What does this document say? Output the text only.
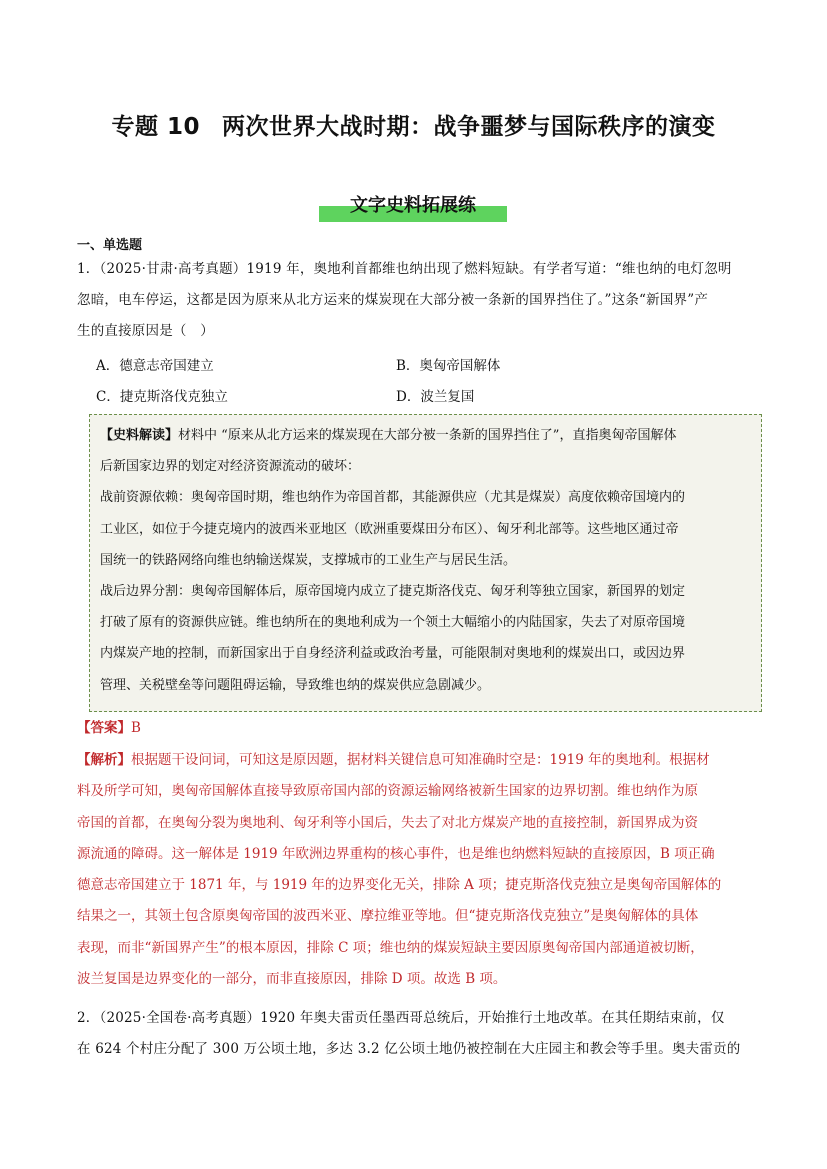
专题 10 两次世界大战时期：战争噩梦与国际秩序的演变
文字史料拓展练
一、单选题
1．（2025·甘肃·高考真题）1919 年，奥地利首都维也纳出现了燃料短缺。有学者写道：“维也纳的电灯忽明
忽暗，电车停运，这都是因为原来从北方运来的煤炭现在大部分被一条新的国界挡住了。”这条“新国界”产
生的直接原因是（　）
A．德意志帝国建立	B．奥匈帝国解体
C．捷克斯洛伐克独立	D．波兰复国
【史料解读】材料中 “原来从北方运来的煤炭现在大部分被一条新的国界挡住了”，直指奥匈帝国解体
后新国家边界的划定对经济资源流动的破坏：
战前资源依赖：奥匈帝国时期，维也纳作为帝国首都，其能源供应（尤其是煤炭）高度依赖帝国境内的
工业区，如位于今捷克境内的波西米亚地区（欧洲重要煤田分布区）、匈牙利北部等。这些地区通过帝
国统一的铁路网络向维也纳输送煤炭，支撑城市的工业生产与居民生活。
战后边界分割：奥匈帝国解体后，原帝国境内成立了捷克斯洛伐克、匈牙利等独立国家，新国界的划定
打破了原有的资源供应链。维也纳所在的奥地利成为一个领土大幅缩小的内陆国家，失去了对原帝国境
内煤炭产地的控制，而新国家出于自身经济利益或政治考量，可能限制对奥地利的煤炭出口，或因边界
管理、关税壁垒等问题阻碍运输，导致维也纳的煤炭供应急剧减少。
【答案】B
【解析】根据题干设问词，可知这是原因题，据材料关键信息可知准确时空是：1919 年的奥地利。根据材
料及所学可知，奥匈帝国解体直接导致原帝国内部的资源运输网络被新生国家的边界切割。维也纳作为原
帝国的首都，在奥匈分裂为奥地利、匈牙利等小国后，失去了对北方煤炭产地的直接控制，新国界成为资
源流通的障碍。这一解体是 1919 年欧洲边界重构的核心事件，也是维也纳燃料短缺的直接原因，B 项正确
德意志帝国建立于 1871 年，与 1919 年的边界变化无关，排除 A 项；捷克斯洛伐克独立是奥匈帝国解体的
结果之一，其领土包含原奥匈帝国的波西米亚、摩拉维亚等地。但“捷克斯洛伐克独立”是奥匈解体的具体
表现，而非“新国界产生”的根本原因，排除 C 项；维也纳的煤炭短缺主要因原奥匈帝国内部通道被切断，
波兰复国是边界变化的一部分，而非直接原因，排除 D 项。故选 B 项。
2．（2025·全国卷·高考真题）1920 年奥夫雷贡任墨西哥总统后，开始推行土地改革。在其任期结束前，仅
在 624 个村庄分配了 300 万公顷土地，多达 3.2 亿公顷土地仍被控制在大庄园主和教会等手里。奥夫雷贡的
